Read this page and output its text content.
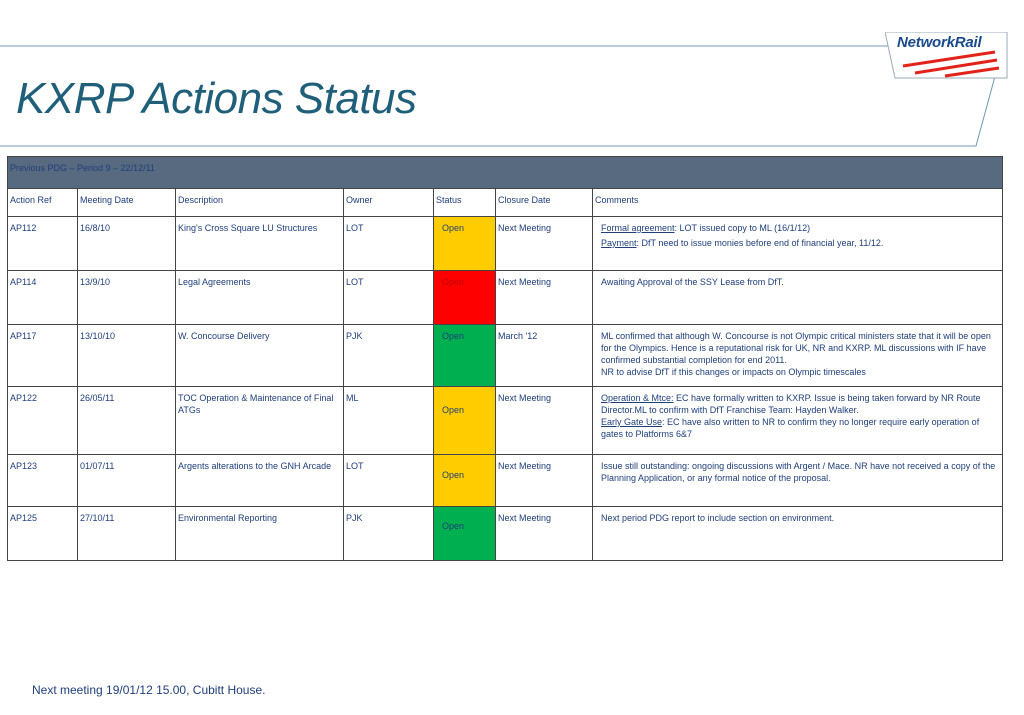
KXRP Actions Status
NetworkRail
Previous PDG – Period 9 – 22/12/11						
Action Ref	Meeting Date	Description	Owner	Status	Closure Date	Comments
AP112	16/8/10	King's Cross Square LU Structures	LOT	Open	Next Meeting	Formal agreement: LOT issued copy to ML (16/1/12)
Payment: DfT need to issue monies before end of financial year, 11/12.

AP114	13/9/10	Legal Agreements	LOT	Open	Next Meeting	Awaiting Approval of the SSY Lease from DfT.

AP117	13/10/10	W. Concourse Delivery	PJK	Open	March '12	ML confirmed that although W. Concourse is not Olympic critical ministers state that it will be open for the Olympics. Hence is a reputational risk for UK, NR and KXRP. ML discussions with IF have confirmed substantial completion for end 2011.
NR to advise DfT if this changes or impacts on Olympic timescales

AP122	26/05/11	TOC Operation & Maintenance of Final ATGs	ML	Open	Next Meeting	Operation & Mtce: EC have formally written to KXRP. Issue is being taken forward by NR Route Director.ML to confirm with DfT Franchise Team: Hayden Walker.
Early Gate Use: EC have also written to NR to confirm they no longer require early operation of gates to Platforms 6&7

AP123	01/07/11	Argents alterations to the GNH Arcade	LOT	Open	Next Meeting	Issue still outstanding: ongoing discussions with Argent / Mace. NR have not received a copy of the Planning Application, or any formal notice of the proposal.

AP125	27/10/11	Environmental Reporting	PJK	Open	Next Meeting	Next period PDG report to include section on environment.
Next meeting 19/01/12 15.00, Cubitt House.
